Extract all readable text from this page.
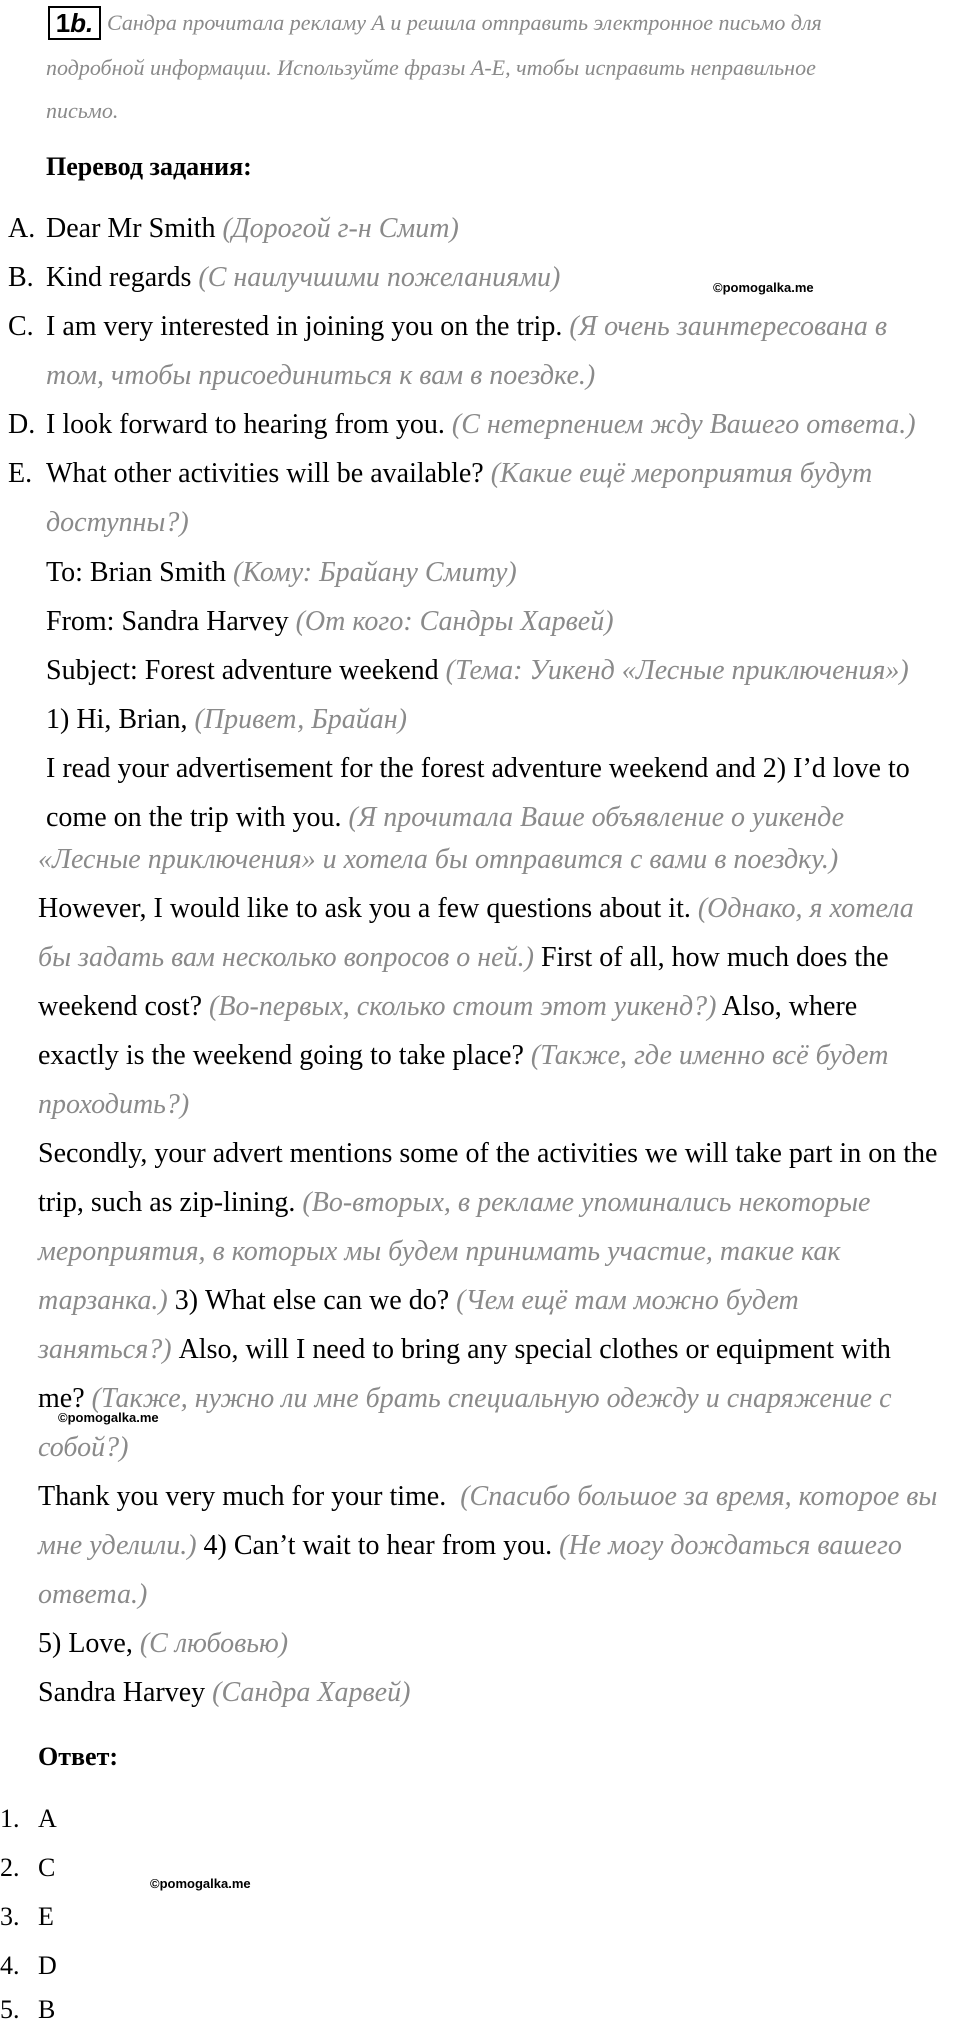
1b. Сандра прочитала рекламу А и решила отправить электронное письмо для
подробной информации. Используйте фразы А-Е, чтобы исправить неправильное
письмо.
Перевод задания:
A. Dear Mr Smith (Дорогой г-н Смит)
B. Kind regards (С наилучшими пожеланиями)
C. I am very interested in joining you on the trip. (Я очень заинтересована в
том, чтобы присоединиться к вам в поездке.)
D. I look forward to hearing from you. (С нетерпением жду Вашего ответа.)
E. What other activities will be available? (Какие ещё мероприятия будут
доступны?)
To: Brian Smith (Кому: Брайану Смиту)
From: Sandra Harvey (От кого: Сандры Харвей)
Subject: Forest adventure weekend (Тема: Уикенд «Лесные приключения»)
1) Hi, Brian, (Привет, Брайан)
I read your advertisement for the forest adventure weekend and 2) I’d love to
come on the trip with you. (Я прочитала Ваше объявление о уикенде
«Лесные приключения» и хотела бы отправится с вами в поездку.)
However, I would like to ask you a few questions about it. (Однако, я хотела
бы задать вам несколько вопросов о ней.) First of all, how much does the
weekend cost? (Во-первых, сколько стоит этот уикенд?) Also, where
exactly is the weekend going to take place? (Также, где именно всё будет
проходить?)
Secondly, your advert mentions some of the activities we will take part in on the
trip, such as zip-lining. (Во-вторых, в рекламе упоминались некоторые
мероприятия, в которых мы будем принимать участие, такие как
тарзанка.) 3) What else can we do? (Чем ещё там можно будет
заняться?) Also, will I need to bring any special clothes or equipment with
me? (Также, нужно ли мне брать специальную одежду и снаряжение с
собой?)
Thank you very much for your time. (Спасибо большое за время, которое вы
мне уделили.) 4) Can’t wait to hear from you. (Не могу дождаться вашего
ответа.)
5) Love, (С любовью)
Sandra Harvey (Сандра Харвей)
Ответ:
1. A
2. C
3. E
4. D
5. B
©pomogalka.me
©pomogalka.me
©pomogalka.me
